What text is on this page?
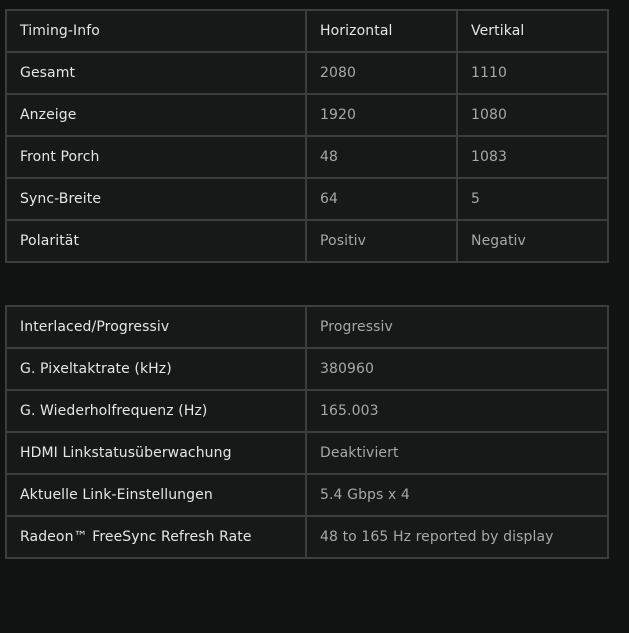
Timing-Info	Horizontal	Vertikal
Gesamt	2080	1110
Anzeige	1920	1080
Front Porch	48	1083
Sync-Breite	64	5
Polarität	Positiv	Negativ
Interlaced/Progressiv	Progressiv
G. Pixeltaktrate (kHz)	380960
G. Wiederholfrequenz (Hz)	165.003
HDMI Linkstatusüberwachung	Deaktiviert
Aktuelle Link-Einstellungen	5.4 Gbps x 4
Radeon™ FreeSync Refresh Rate	48 to 165 Hz reported by display
